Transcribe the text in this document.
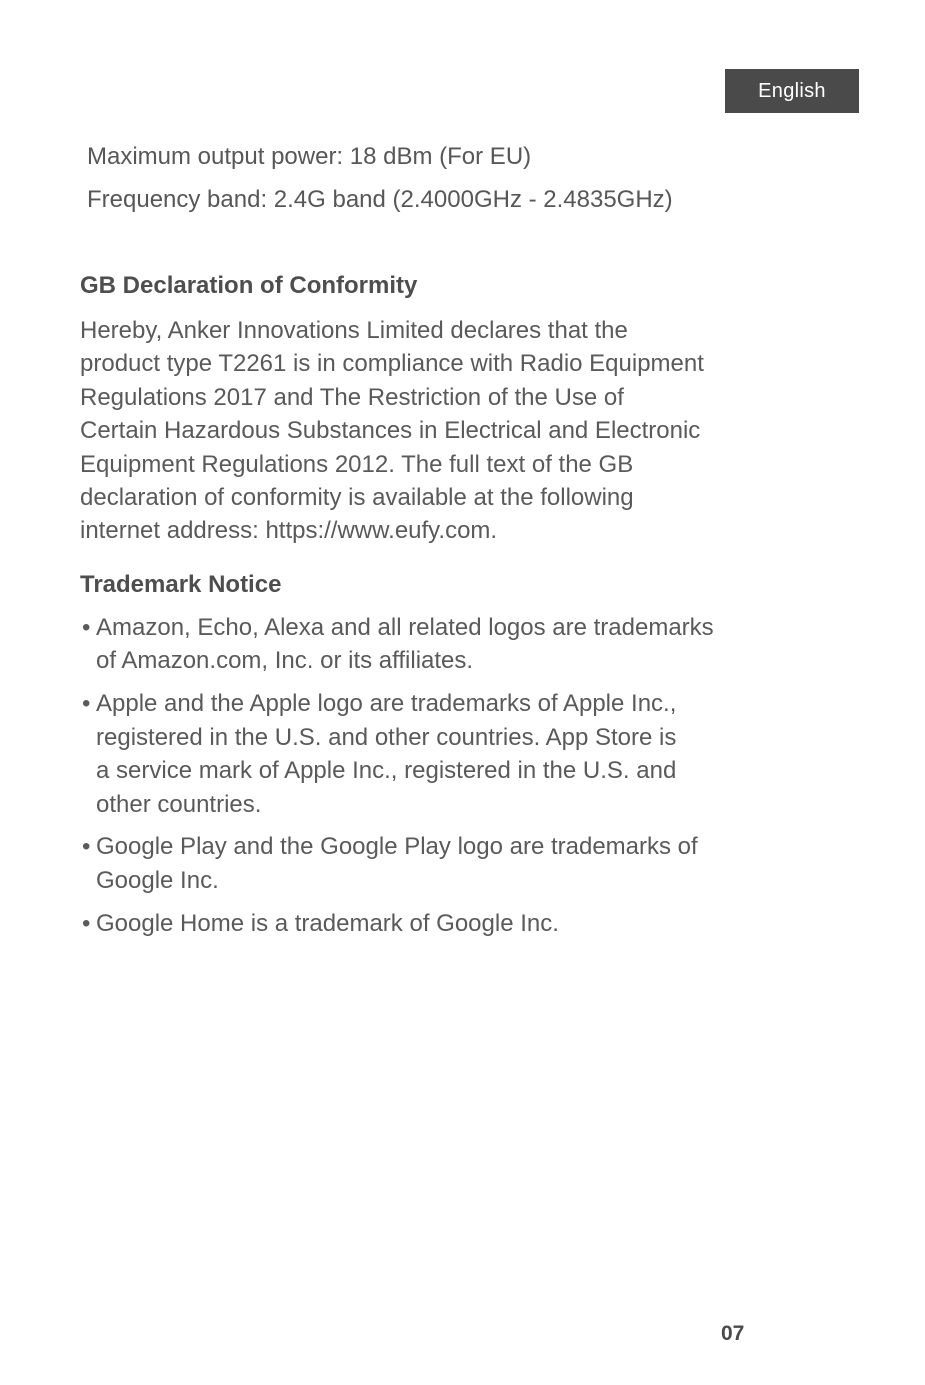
English
Maximum output power: 18 dBm (For EU)
Frequency band: 2.4G band (2.4000GHz - 2.4835GHz)
GB Declaration of Conformity
Hereby, Anker Innovations Limited declares that the
product type T2261 is in compliance with Radio Equipment
Regulations 2017 and The Restriction of the Use of
Certain Hazardous Substances in Electrical and Electronic
Equipment Regulations 2012. The full text of the GB
declaration of conformity is available at the following
internet address: https://www.eufy.com.
Trademark Notice
• Amazon, Echo, Alexa and all related logos are trademarks
of Amazon.com, Inc. or its affiliates.
• Apple and the Apple logo are trademarks of Apple Inc.,
registered in the U.S. and other countries. App Store is
a service mark of Apple Inc., registered in the U.S. and
other countries.
• Google Play and the Google Play logo are trademarks of
Google Inc.
• Google Home is a trademark of Google Inc.
07
